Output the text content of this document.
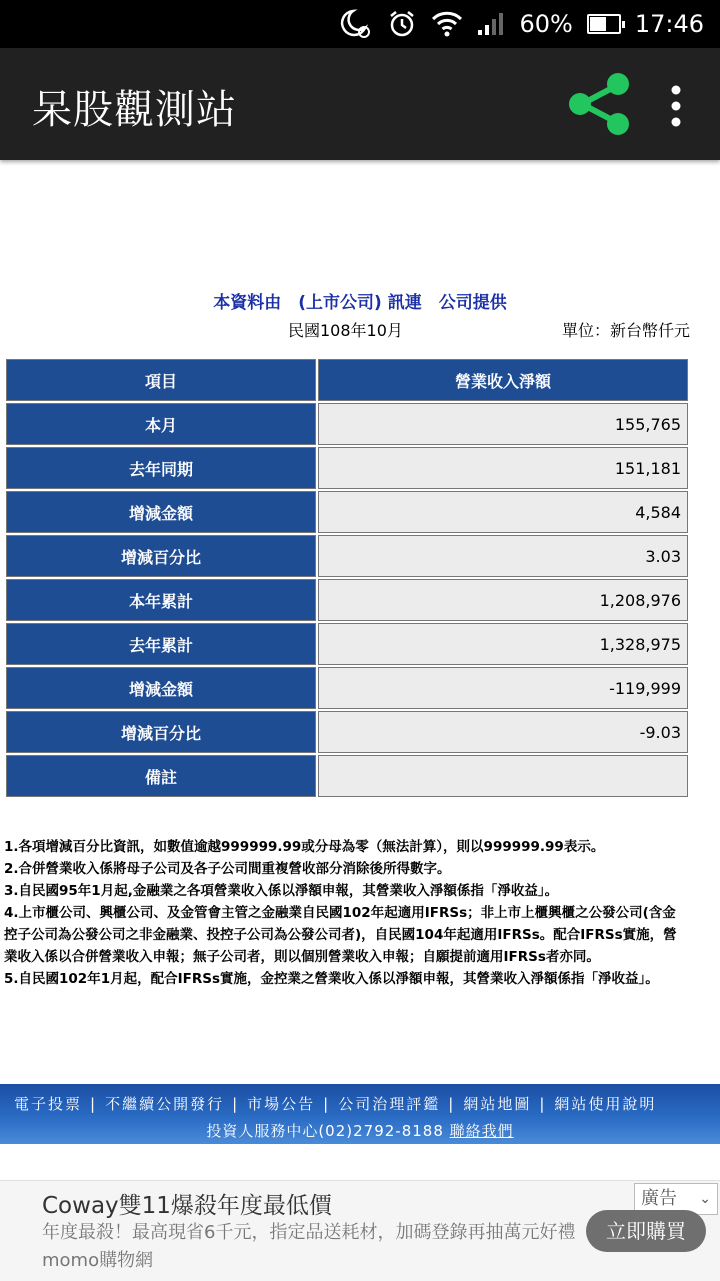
60%	17:46
呆股觀測站
本資料由　(上市公司) 訊連　公司提供
民國108年10月	單位：新台幣仟元
項目	營業收入淨額
本月	155,765
去年同期	151,181
增減金額	4,584
增減百分比	3.03
本年累計	1,208,976
去年累計	1,328,975
增減金額	-119,999
增減百分比	-9.03
備註	

1.各項增減百分比資訊，如數值逾越999999.99或分母為零（無法計算），則以999999.99表示。

2.合併營業收入係將母子公司及各子公司間重複營收部分消除後所得數字。

3.自民國95年1月起,金融業之各項營業收入係以淨額申報，其營業收入淨額係指「淨收益」。

4.上市櫃公司、興櫃公司、及金管會主管之金融業自民國102年起適用IFRSs；非上市上櫃興櫃之公發公司(含金控子公司為公發公司之非金融業、投控子公司為公發公司者)，自民國104年起適用IFRSs。配合IFRSs實施，營業收入係以合併營業收入申報；無子公司者，則以個別營業收入申報；自願提前適用IFRSs者亦同。

5.自民國102年1月起，配合IFRSs實施，金控業之營業收入係以淨額申報，其營業收入淨額係指「淨收益」。

電子投票 | 不繼續公開發行 | 市場公告 | 公司治理評鑑 | 網站地圖 | 網站使用說明
投資人服務中心(02)2792-8188 聯絡我們
Coway雙11爆殺年度最低價
年度最殺！最高現省6千元，指定品送耗材，加碼登錄再抽萬元好禮 momo購物網
廣告 ⌄
立即購買
